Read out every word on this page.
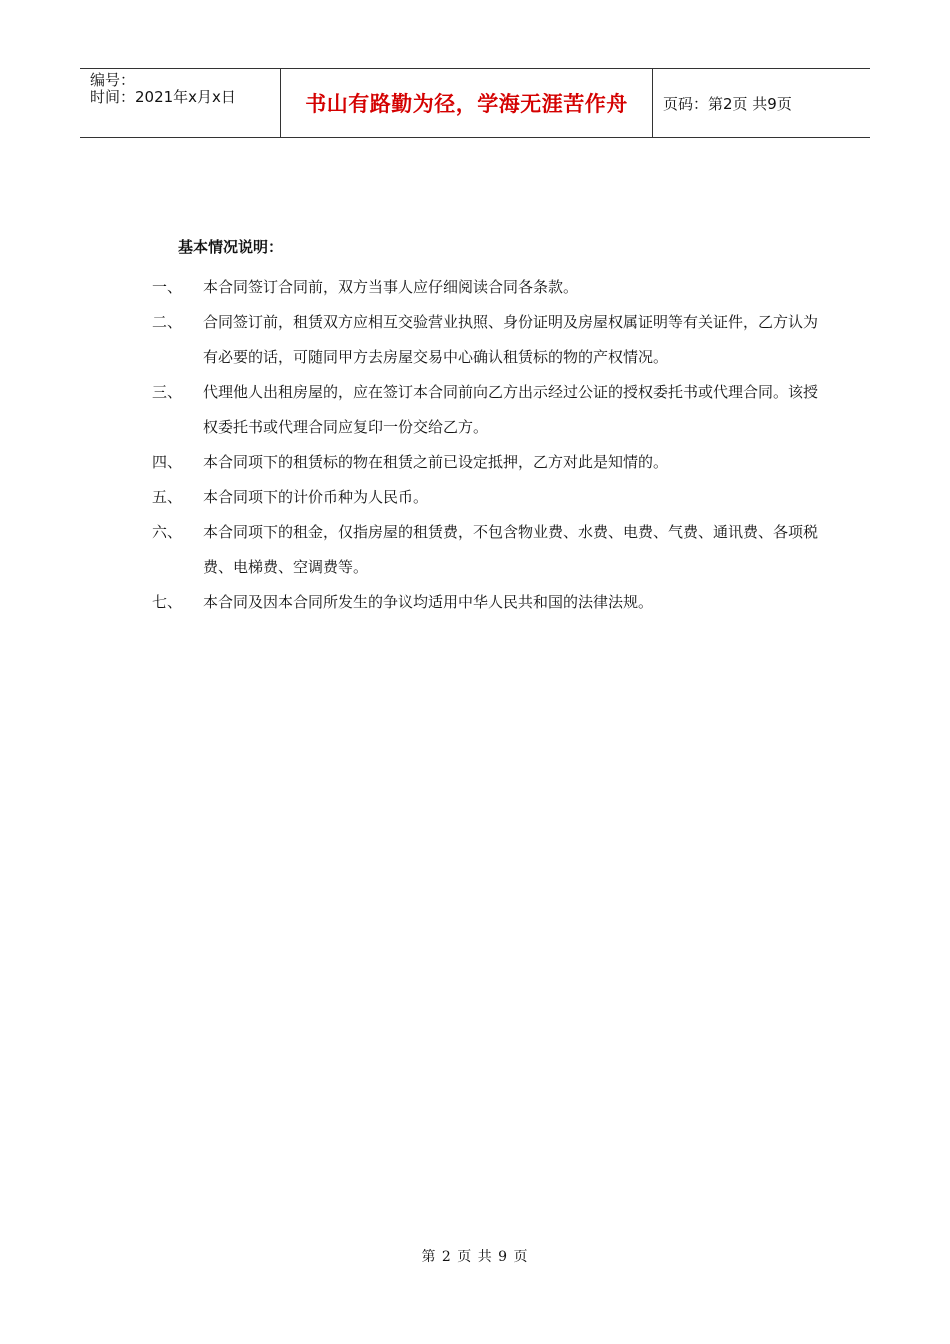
编号：
时间：2021年x月x日	书山有路勤为径，学海无涯苦作舟	页码：第2页 共9页
基本情况说明：
一、	本合同签订合同前，双方当事人应仔细阅读合同各条款。
二、	合同签订前，租赁双方应相互交验营业执照、身份证明及房屋权属证明等有关证件，乙方认为有必要的话，可随同甲方去房屋交易中心确认租赁标的物的产权情况。
三、	代理他人出租房屋的，应在签订本合同前向乙方出示经过公证的授权委托书或代理合同。该授权委托书或代理合同应复印一份交给乙方。
四、	本合同项下的租赁标的物在租赁之前已设定抵押，乙方对此是知情的。
五、	本合同项下的计价币种为人民币。
六、	本合同项下的租金，仅指房屋的租赁费，不包含物业费、水费、电费、气费、通讯费、各项税费、电梯费、空调费等。
七、	本合同及因本合同所发生的争议均适用中华人民共和国的法律法规。
第 2 页 共 9 页
